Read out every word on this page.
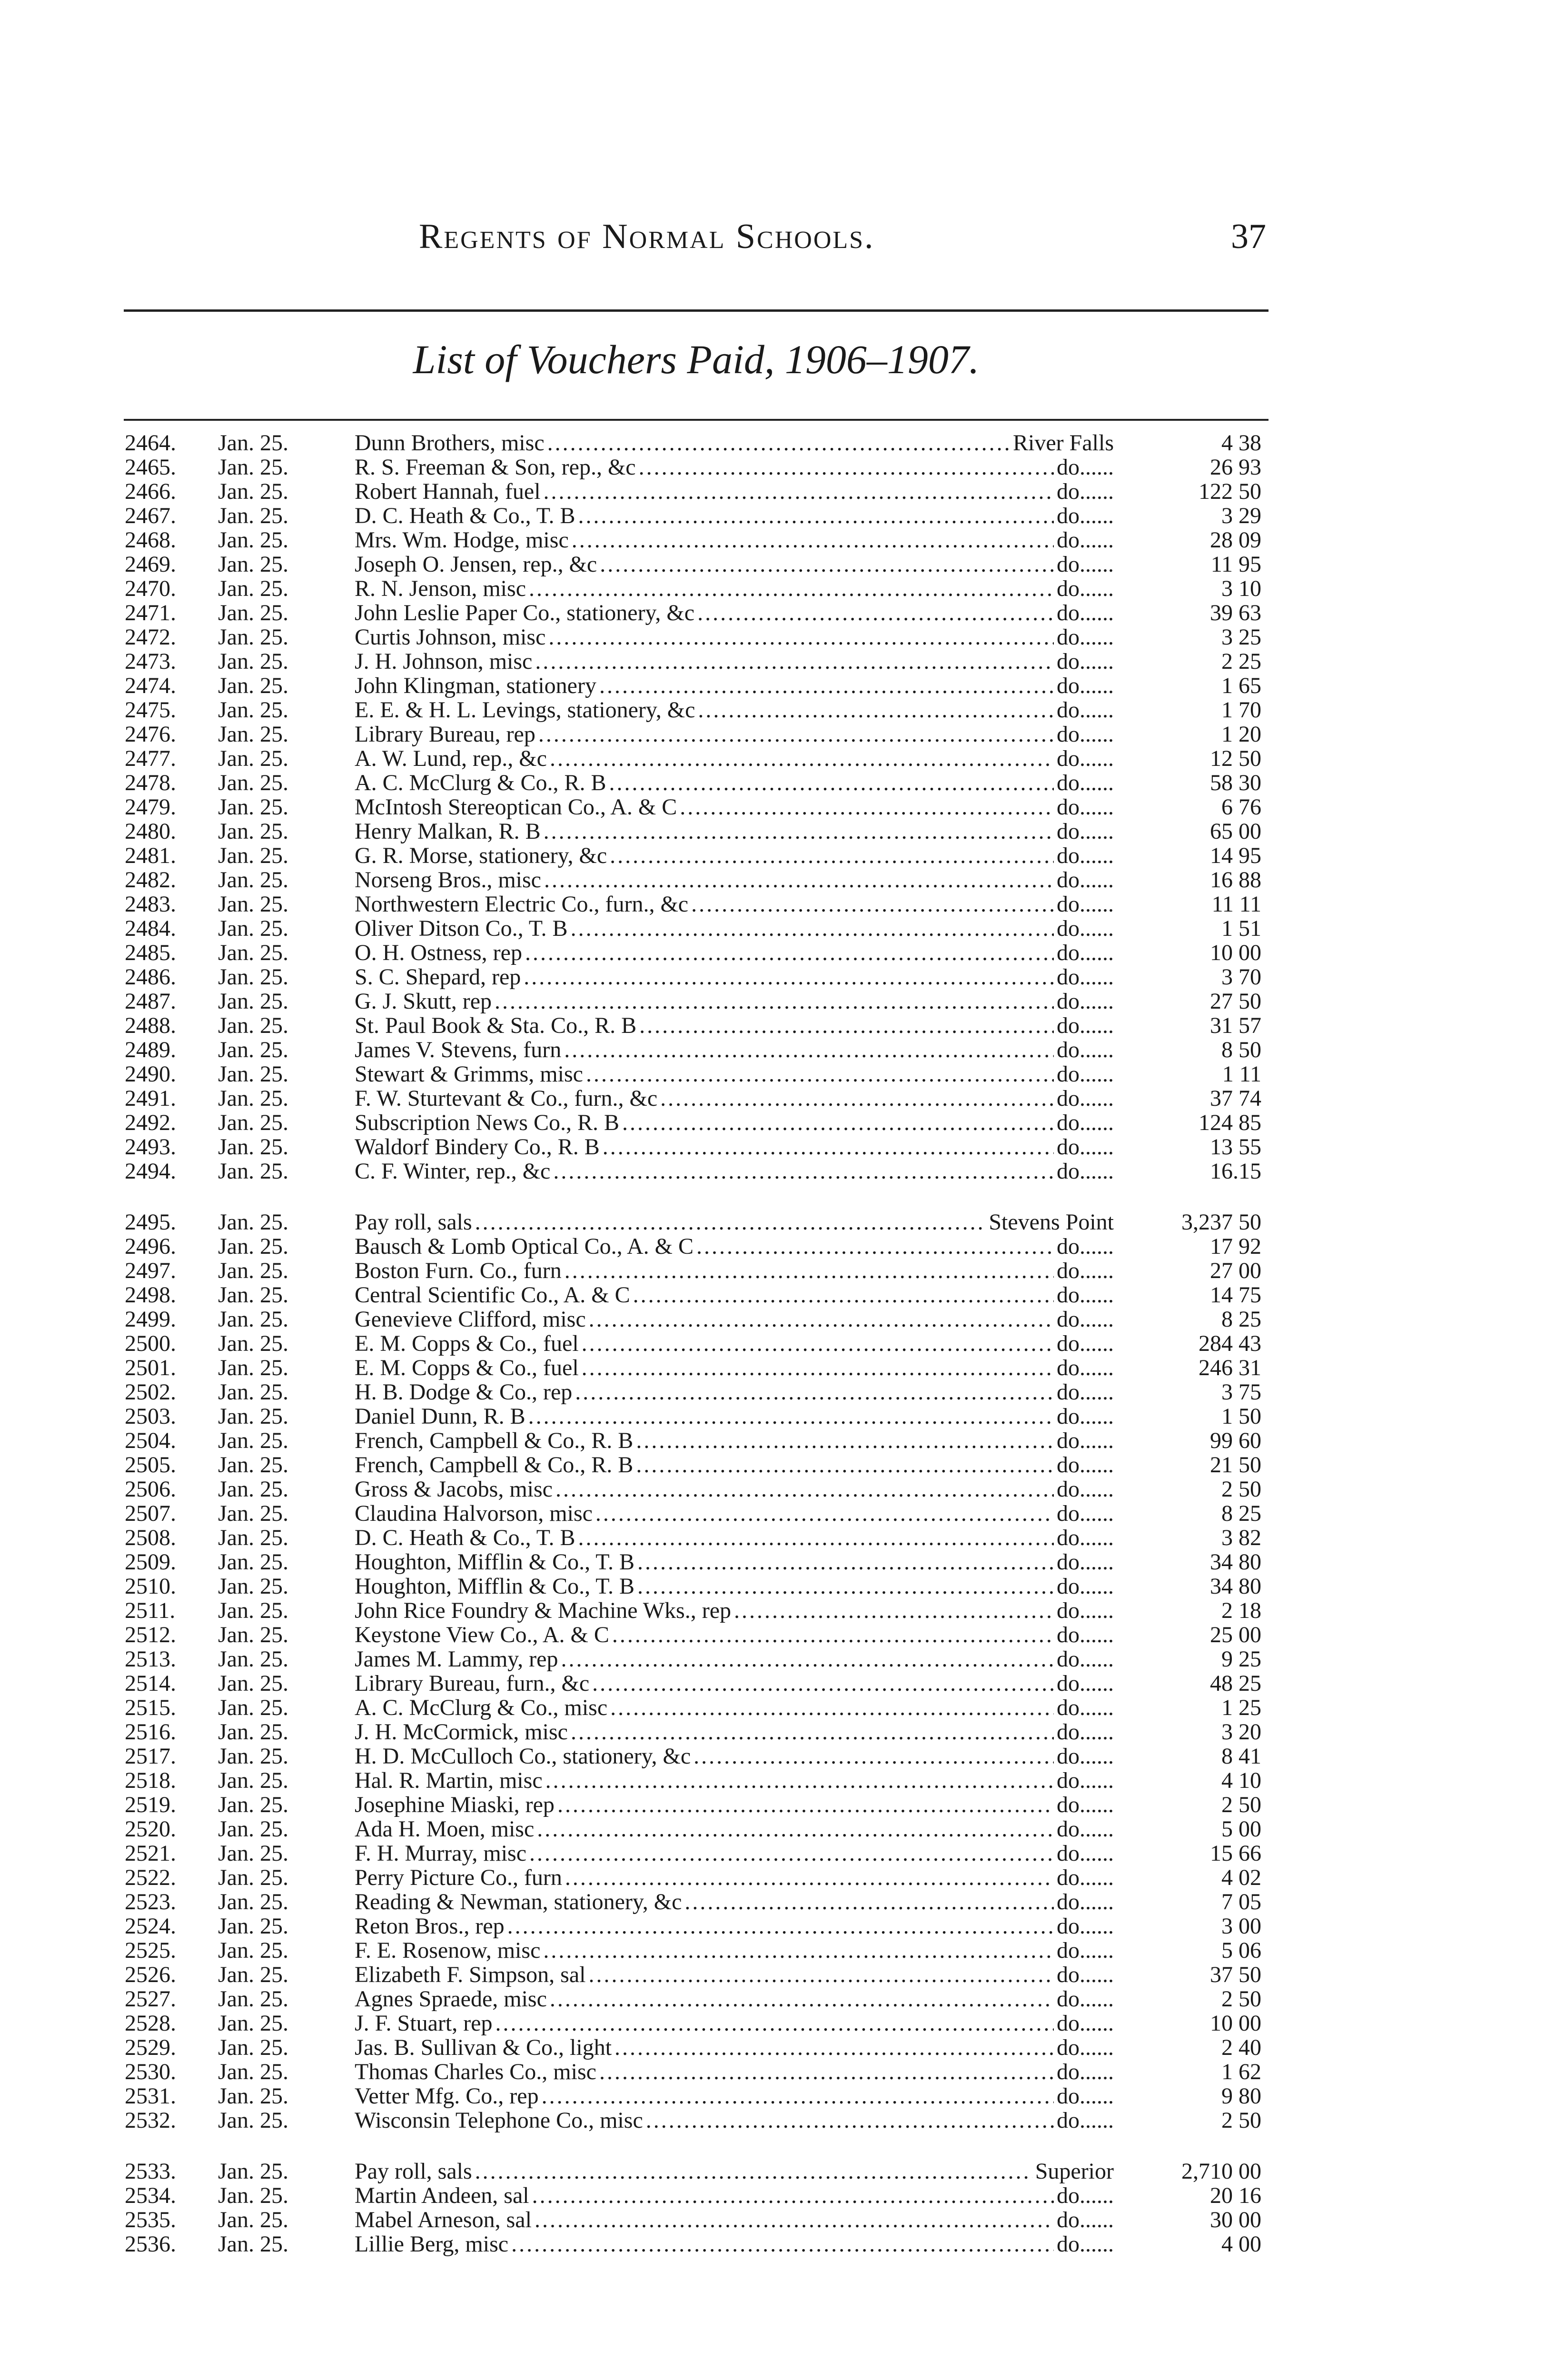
Regents of Normal Schools.	37
List of Vouchers Paid, 1906–1907.
2464.	Jan. 25.	Dunn Brothers, misc .....	River Falls	4 38
2465.	Jan. 25.	R. S. Freeman & Son, rep., &c .....	do......	26 93
2466.	Jan. 25.	Robert Hannah, fuel .....	do......	122 50
2467.	Jan. 25.	D. C. Heath & Co., T. B .....	do......	3 29
2468.	Jan. 25.	Mrs. Wm. Hodge, misc .....	do......	28 09
2469.	Jan. 25.	Joseph O. Jensen, rep., &c .....	do......	11 95
2470.	Jan. 25.	R. N. Jenson, misc .....	do......	3 10
2471.	Jan. 25.	John Leslie Paper Co., stationery, &c .....	do......	39 63
2472.	Jan. 25.	Curtis Johnson, misc .....	do......	3 25
2473.	Jan. 25.	J. H. Johnson, misc .....	do......	2 25
2474.	Jan. 25.	John Klingman, stationery .....	do......	1 65
2475.	Jan. 25.	E. E. & H. L. Levings, stationery, &c .....	do......	1 70
2476.	Jan. 25.	Library Bureau, rep .....	do......	1 20
2477.	Jan. 25.	A. W. Lund, rep., &c .....	do......	12 50
2478.	Jan. 25.	A. C. McClurg & Co., R. B .....	do......	58 30
2479.	Jan. 25.	McIntosh Stereoptican Co., A. & C .....	do......	6 76
2480.	Jan. 25.	Henry Malkan, R. B .....	do......	65 00
2481.	Jan. 25.	G. R. Morse, stationery, &c .....	do......	14 95
2482.	Jan. 25.	Norseng Bros., misc .....	do......	16 88
2483.	Jan. 25.	Northwestern Electric Co., furn., &c .....	do......	11 11
2484.	Jan. 25.	Oliver Ditson Co., T. B .....	do......	1 51
2485.	Jan. 25.	O. H. Ostness, rep .....	do......	10 00
2486.	Jan. 25.	S. C. Shepard, rep .....	do......	3 70
2487.	Jan. 25.	G. J. Skutt, rep .....	do......	27 50
2488.	Jan. 25.	St. Paul Book & Sta. Co., R. B .....	do......	31 57
2489.	Jan. 25.	James V. Stevens, furn .....	do......	8 50
2490.	Jan. 25.	Stewart & Grimms, misc .....	do......	1 11
2491.	Jan. 25.	F. W. Sturtevant & Co., furn., &c .....	do......	37 74
2492.	Jan. 25.	Subscription News Co., R. B .....	do......	124 85
2493.	Jan. 25.	Waldorf Bindery Co., R. B .....	do......	13 55
2494.	Jan. 25.	C. F. Winter, rep., &c .....	do......	16.15
2495.	Jan. 25.	Pay roll, sals .....	Stevens Point	3,237 50
2496.	Jan. 25.	Bausch & Lomb Optical Co., A. & C .....	do......	17 92
2497.	Jan. 25.	Boston Furn. Co., furn .....	do......	27 00
2498.	Jan. 25.	Central Scientific Co., A. & C .....	do......	14 75
2499.	Jan. 25.	Genevieve Clifford, misc .....	do......	8 25
2500.	Jan. 25.	E. M. Copps & Co., fuel .....	do......	284 43
2501.	Jan. 25.	E. M. Copps & Co., fuel .....	do......	246 31
2502.	Jan. 25.	H. B. Dodge & Co., rep .....	do......	3 75
2503.	Jan. 25.	Daniel Dunn, R. B .....	do......	1 50
2504.	Jan. 25.	French, Campbell & Co., R. B .....	do......	99 60
2505.	Jan. 25.	French, Campbell & Co., R. B .....	do......	21 50
2506.	Jan. 25.	Gross & Jacobs, misc .....	do......	2 50
2507.	Jan. 25.	Claudina Halvorson, misc .....	do......	8 25
2508.	Jan. 25.	D. C. Heath & Co., T. B .....	do......	3 82
2509.	Jan. 25.	Houghton, Mifflin & Co., T. B .....	do......	34 80
2510.	Jan. 25.	Houghton, Mifflin & Co., T. B .....	do......	34 80
2511.	Jan. 25.	John Rice Foundry & Machine Wks., rep .....	do......	2 18
2512.	Jan. 25.	Keystone View Co., A. & C .....	do......	25 00
2513.	Jan. 25.	James M. Lammy, rep .....	do......	9 25
2514.	Jan. 25.	Library Bureau, furn., &c .....	do......	48 25
2515.	Jan. 25.	A. C. McClurg & Co., misc .....	do......	1 25
2516.	Jan. 25.	J. H. McCormick, misc .....	do......	3 20
2517.	Jan. 25.	H. D. McCulloch Co., stationery, &c .....	do......	8 41
2518.	Jan. 25.	Hal. R. Martin, misc .....	do......	4 10
2519.	Jan. 25.	Josephine Miaski, rep .....	do......	2 50
2520.	Jan. 25.	Ada H. Moen, misc .....	do......	5 00
2521.	Jan. 25.	F. H. Murray, misc .....	do......	15 66
2522.	Jan. 25.	Perry Picture Co., furn .....	do......	4 02
2523.	Jan. 25.	Reading & Newman, stationery, &c .....	do......	7 05
2524.	Jan. 25.	Reton Bros., rep .....	do......	3 00
2525.	Jan. 25.	F. E. Rosenow, misc .....	do......	5 06
2526.	Jan. 25.	Elizabeth F. Simpson, sal .....	do......	37 50
2527.	Jan. 25.	Agnes Spraede, misc .....	do......	2 50
2528.	Jan. 25.	J. F. Stuart, rep .....	do......	10 00
2529.	Jan. 25.	Jas. B. Sullivan & Co., light .....	do......	2 40
2530.	Jan. 25.	Thomas Charles Co., misc .....	do......	1 62
2531.	Jan. 25.	Vetter Mfg. Co., rep .....	do......	9 80
2532.	Jan. 25.	Wisconsin Telephone Co., misc .....	do......	2 50
2533.	Jan. 25.	Pay roll, sals .....	Superior	2,710 00
2534.	Jan. 25.	Martin Andeen, sal .....	do......	20 16
2535.	Jan. 25.	Mabel Arneson, sal .....	do......	30 00
2536.	Jan. 25.	Lillie Berg, misc .....	do......	4 00
